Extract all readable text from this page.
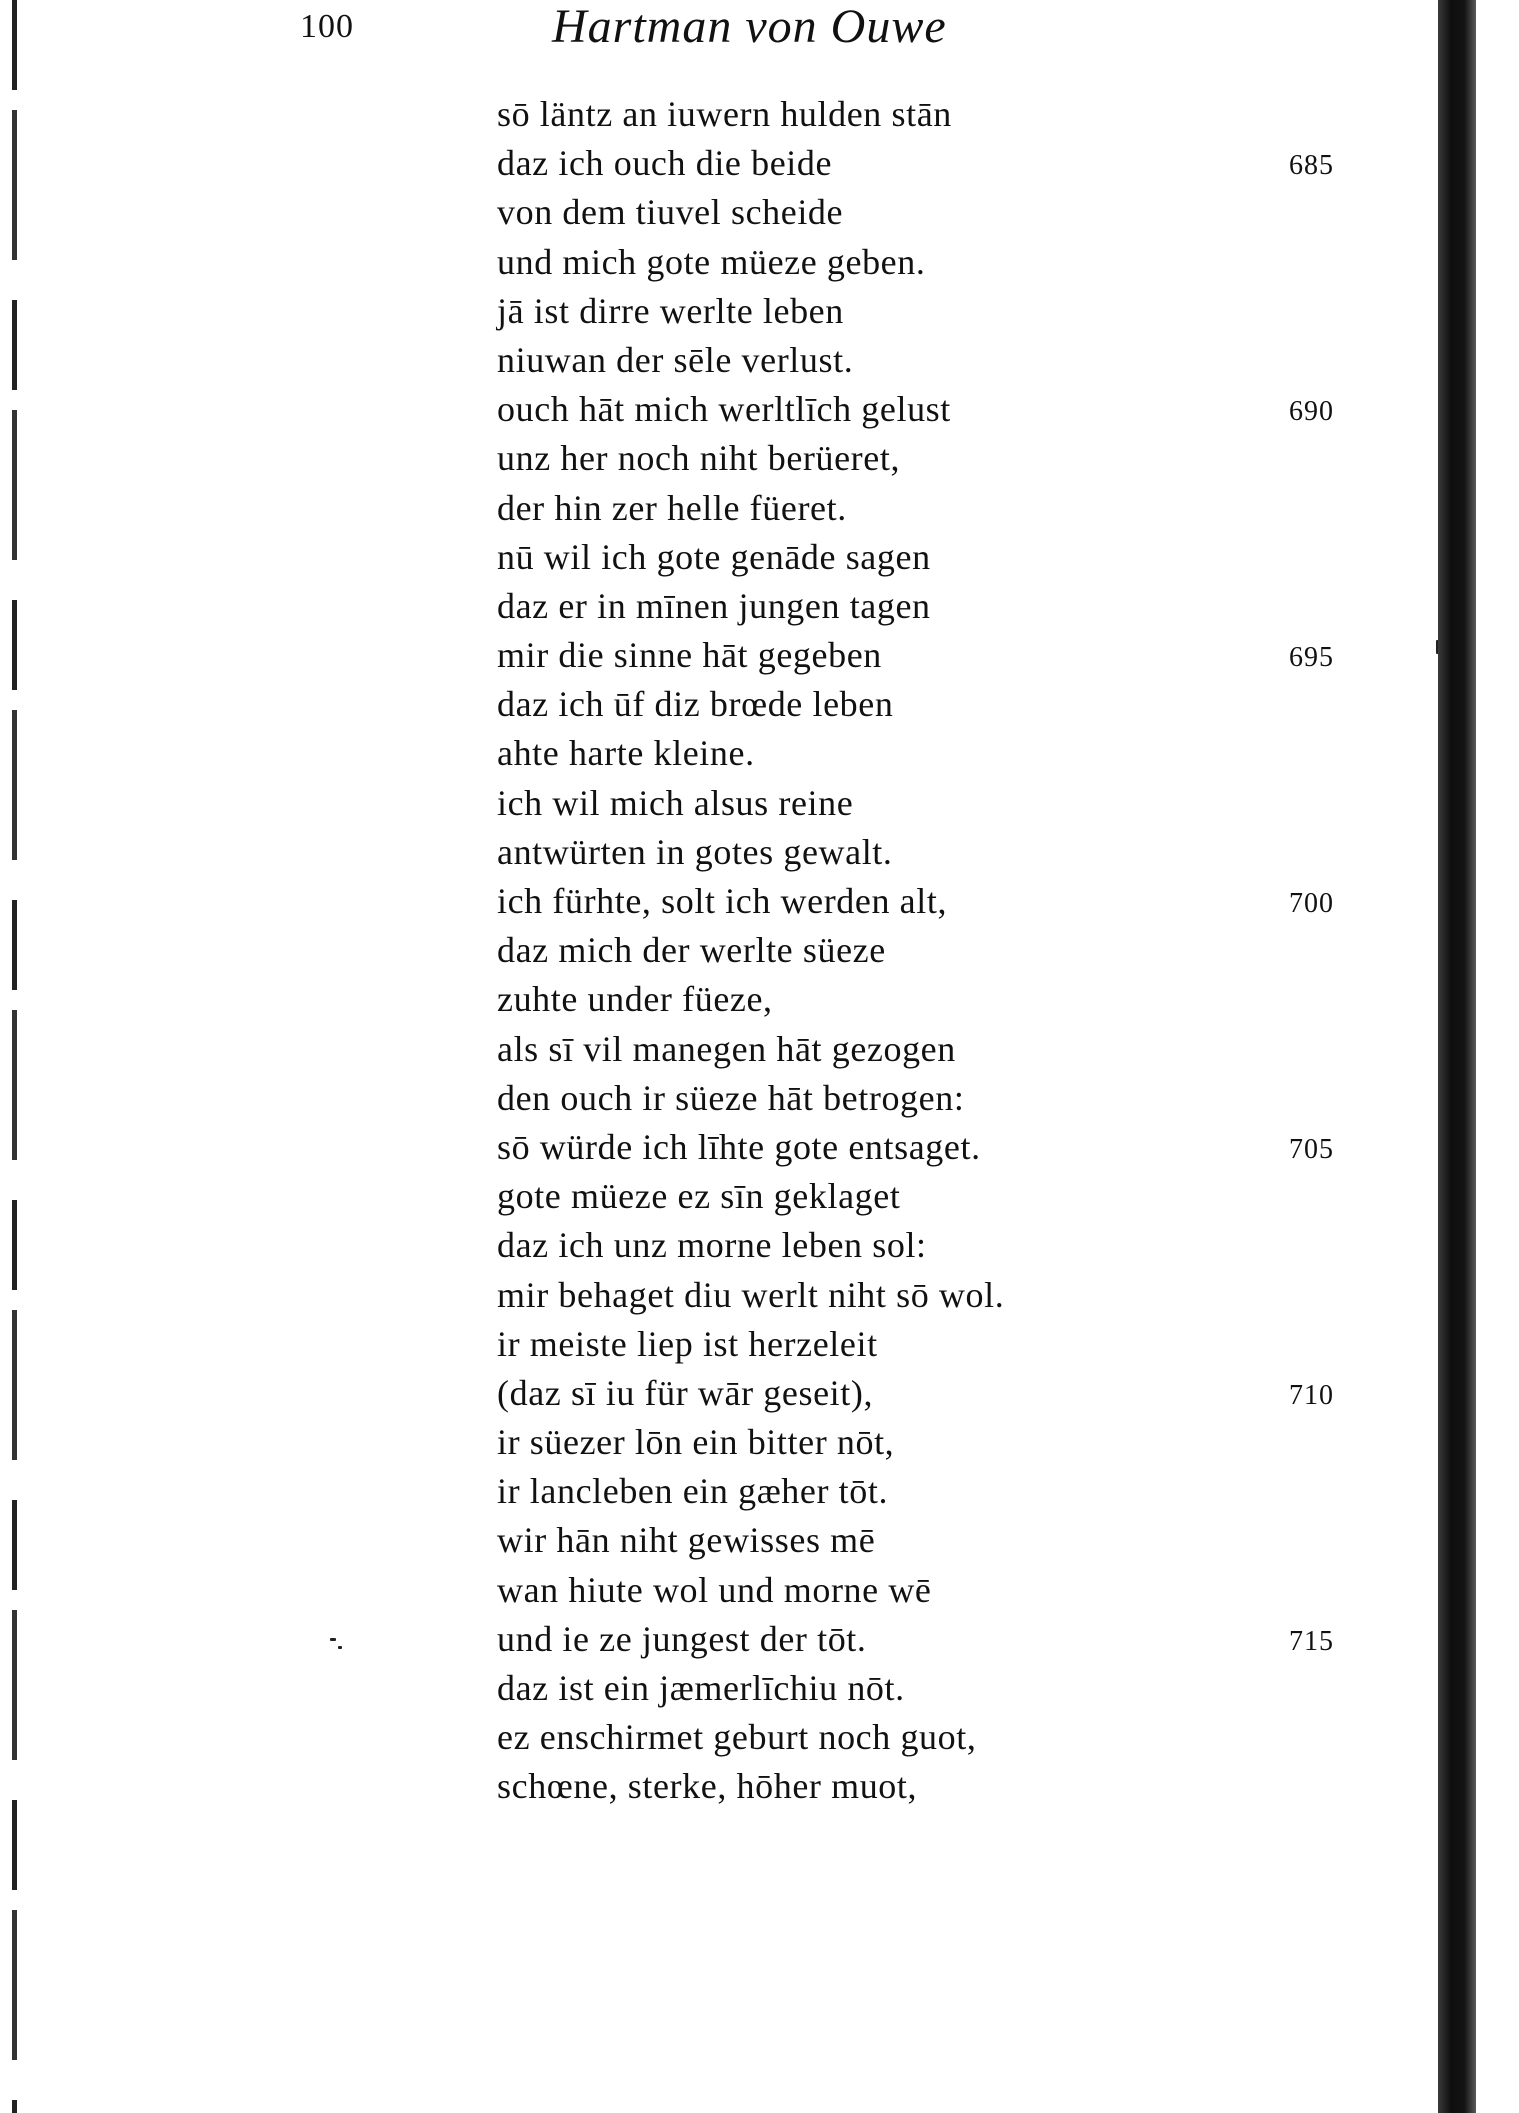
100	Hartman von Ouwe
sō läntz an iuwern hulden stān
daz ich ouch die beide	685
von dem tiuvel scheide
und mich gote müeze geben.
jā ist dirre werlte leben
niuwan der sēle verlust.
ouch hāt mich werltlīch gelust	690
unz her noch niht berüeret,
der hin zer helle füeret.
nū wil ich gote genāde sagen
daz er in mīnen jungen tagen
mir die sinne hāt gegeben	695
daz ich ūf diz brœde leben
ahte harte kleine.
ich wil mich alsus reine
antwürten in gotes gewalt.
ich fürhte, solt ich werden alt,	700
daz mich der werlte süeze
zuhte under füeze,
als sī vil manegen hāt gezogen
den ouch ir süeze hāt betrogen:
sō würde ich līhte gote entsaget.	705
gote müeze ez sīn geklaget
daz ich unz morne leben sol:
mir behaget diu werlt niht sō wol.
ir meiste liep ist herzeleit
(daz sī iu für wār geseit),	710
ir süezer lōn ein bitter nōt,
ir lancleben ein gæher tōt.
wir hān niht gewisses mē
wan hiute wol und morne wē
und ie ze jungest der tōt.	715
daz ist ein jæmerlīchiu nōt.
ez enschirmet geburt noch guot,
schœne, sterke, hōher muot,
